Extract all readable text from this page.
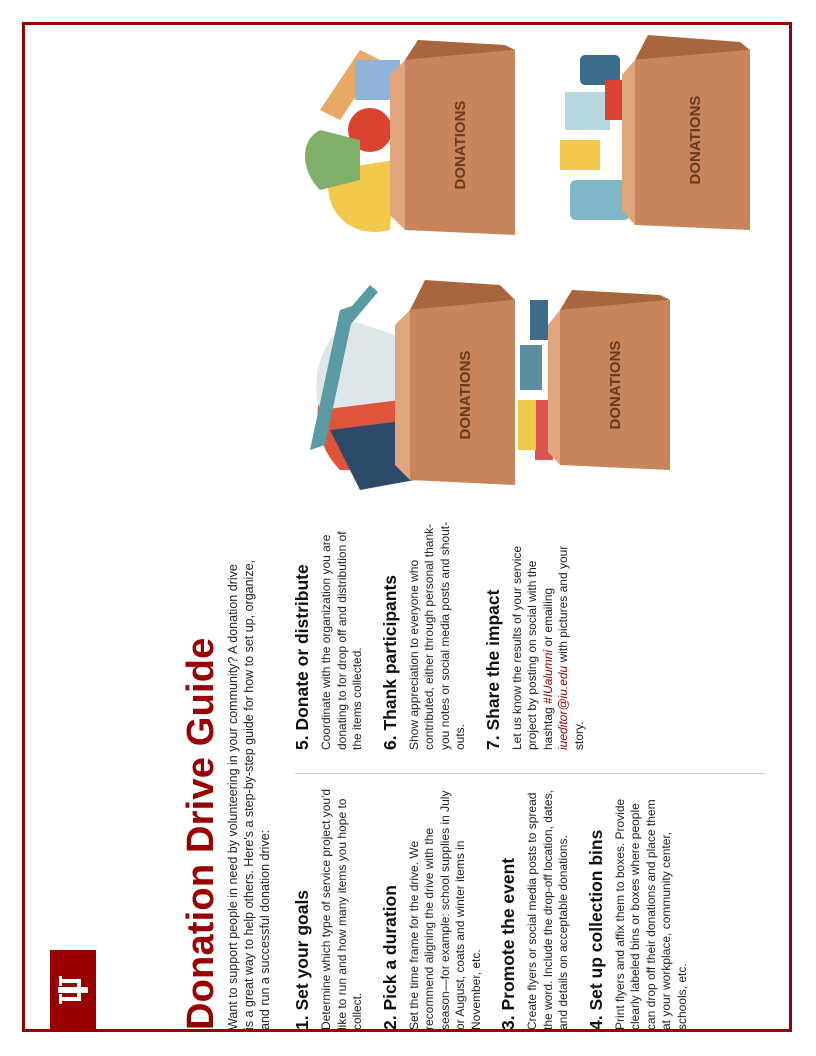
Donation Drive Guide Want to support people in need by volunteering in your community? A donation drive is a great way to help others. Here's a step-by-step guide for how to set up, organize, and run a successful donation drive: 1. Set your goals Determine which type of service project you'd like to run and how many items you hope to collect. 2. Pick a duration Set the time frame for the drive. We recommend aligning the drive with the season—for example: school supplies in July or August, coats and winter items in November, etc. 3. Promote the event Create flyers or social media posts to spread the word. Include the drop-off location, dates, and details on acceptable donations. 4. Set up collection bins Print flyers and affix them to boxes. Provide clearly labeled bins or boxes where people can drop off their donations and place them at your workplace, community center, schools, etc.

5. Donate or distribute Coordinate with the organization you are donating to for drop off and distribution of the items collected. 6. Thank participants Show appreciation to everyone who contributed, either through personal thank-you notes or social media posts and shout-outs. 7. Share the impact Let us know the results of your service project by posting on social with the hashtag #IUalumni or emailing iueditor@iu.edu with pictures and your story.

DONATIONS
DONATIONS
DONATIONS
DONATIONS
